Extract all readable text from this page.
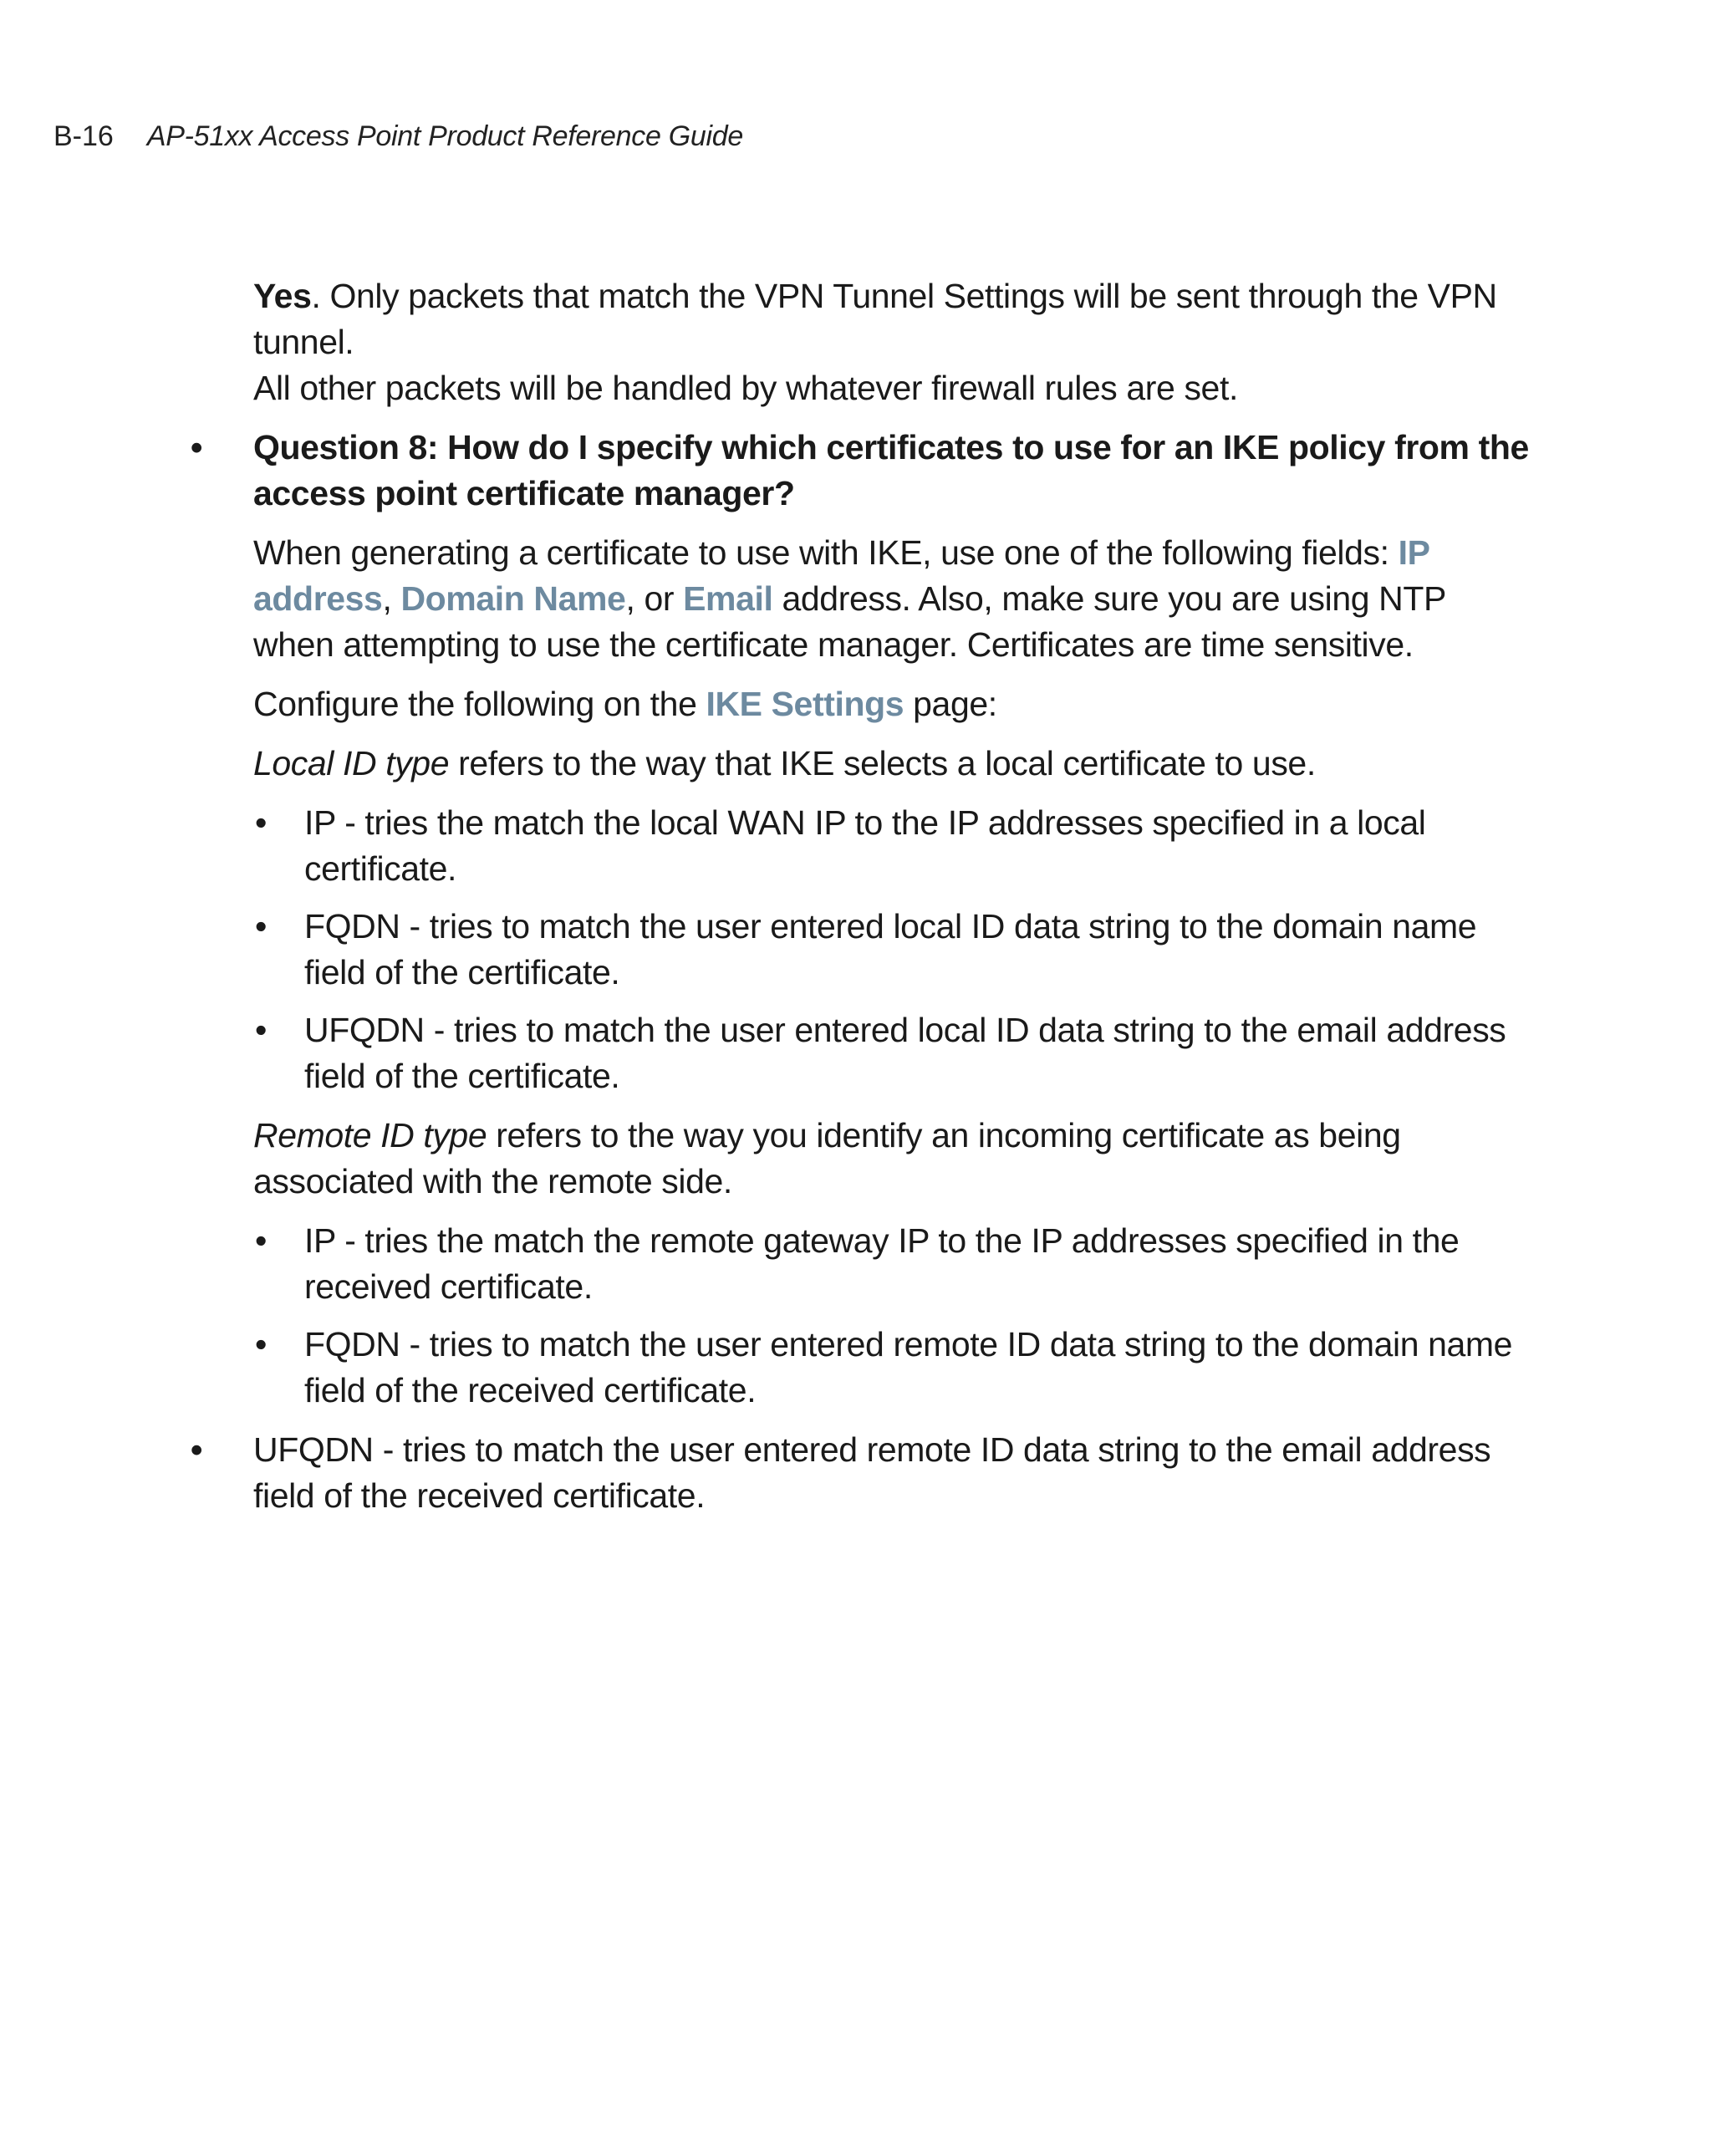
B-16 AP-51xx Access Point Product Reference Guide

Yes. Only packets that match the VPN Tunnel Settings will be sent through the VPN tunnel.
All other packets will be handled by whatever firewall rules are set.

•	Question 8: How do I specify which certificates to use for an IKE policy from the access point certificate manager?

When generating a certificate to use with IKE, use one of the following fields: IP address, Domain Name, or Email address. Also, make sure you are using NTP when attempting to use the certificate manager. Certificates are time sensitive.

Configure the following on the IKE Settings page:

Local ID type refers to the way that IKE selects a local certificate to use.

• IP - tries the match the local WAN IP to the IP addresses specified in a local certificate.
• FQDN - tries to match the user entered local ID data string to the domain name field of the certificate.
• UFQDN - tries to match the user entered local ID data string to the email address field of the certificate.

Remote ID type refers to the way you identify an incoming certificate as being associated with the remote side.

• IP - tries the match the remote gateway IP to the IP addresses specified in the received certificate.
• FQDN - tries to match the user entered remote ID data string to the domain name field of the received certificate.
•	UFQDN - tries to match the user entered remote ID data string to the email address field of the received certificate.
